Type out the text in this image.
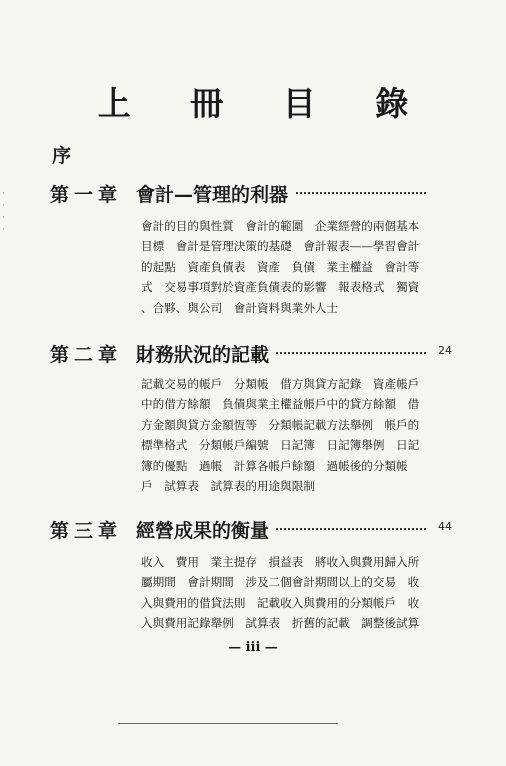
·
·
·
·
上 冊 目 錄
序
第一章 會計—管理的利器
會計的目的與性質　會計的範圍　企業經營的兩個基本
目標　會計是管理決策的基礎　會計報表——學習會計
的起點　資產負債表　資產　負債　業主權益　會計等
式　交易事項對於資產負債表的影響　報表格式　獨資
、合夥、與公司　會計資料與業外人士
第二章 財務狀況的記載	24
記載交易的帳戶　分類帳　借方與貸方記錄　資產帳戶
中的借方餘額　負債與業主權益帳戶中的貸方餘額　借
方金額與貸方金額恆等　分類帳記載方法舉例　帳戶的
標準格式　分類帳戶編號　日記簿　日記簿舉例　日記
簿的優點　過帳　計算各帳戶餘額　過帳後的分類帳
戶　試算表　試算表的用途與限制
第三章 經營成果的衡量	44
收入　費用　業主提存　損益表　將收入與費用歸入所
屬期間　會計期間　涉及二個會計期間以上的交易　收
入與費用的借貸法則　記載收入與費用的分類帳戶　收
入與費用記錄舉例　試算表　折舊的記載　調整後試算
— iii —
